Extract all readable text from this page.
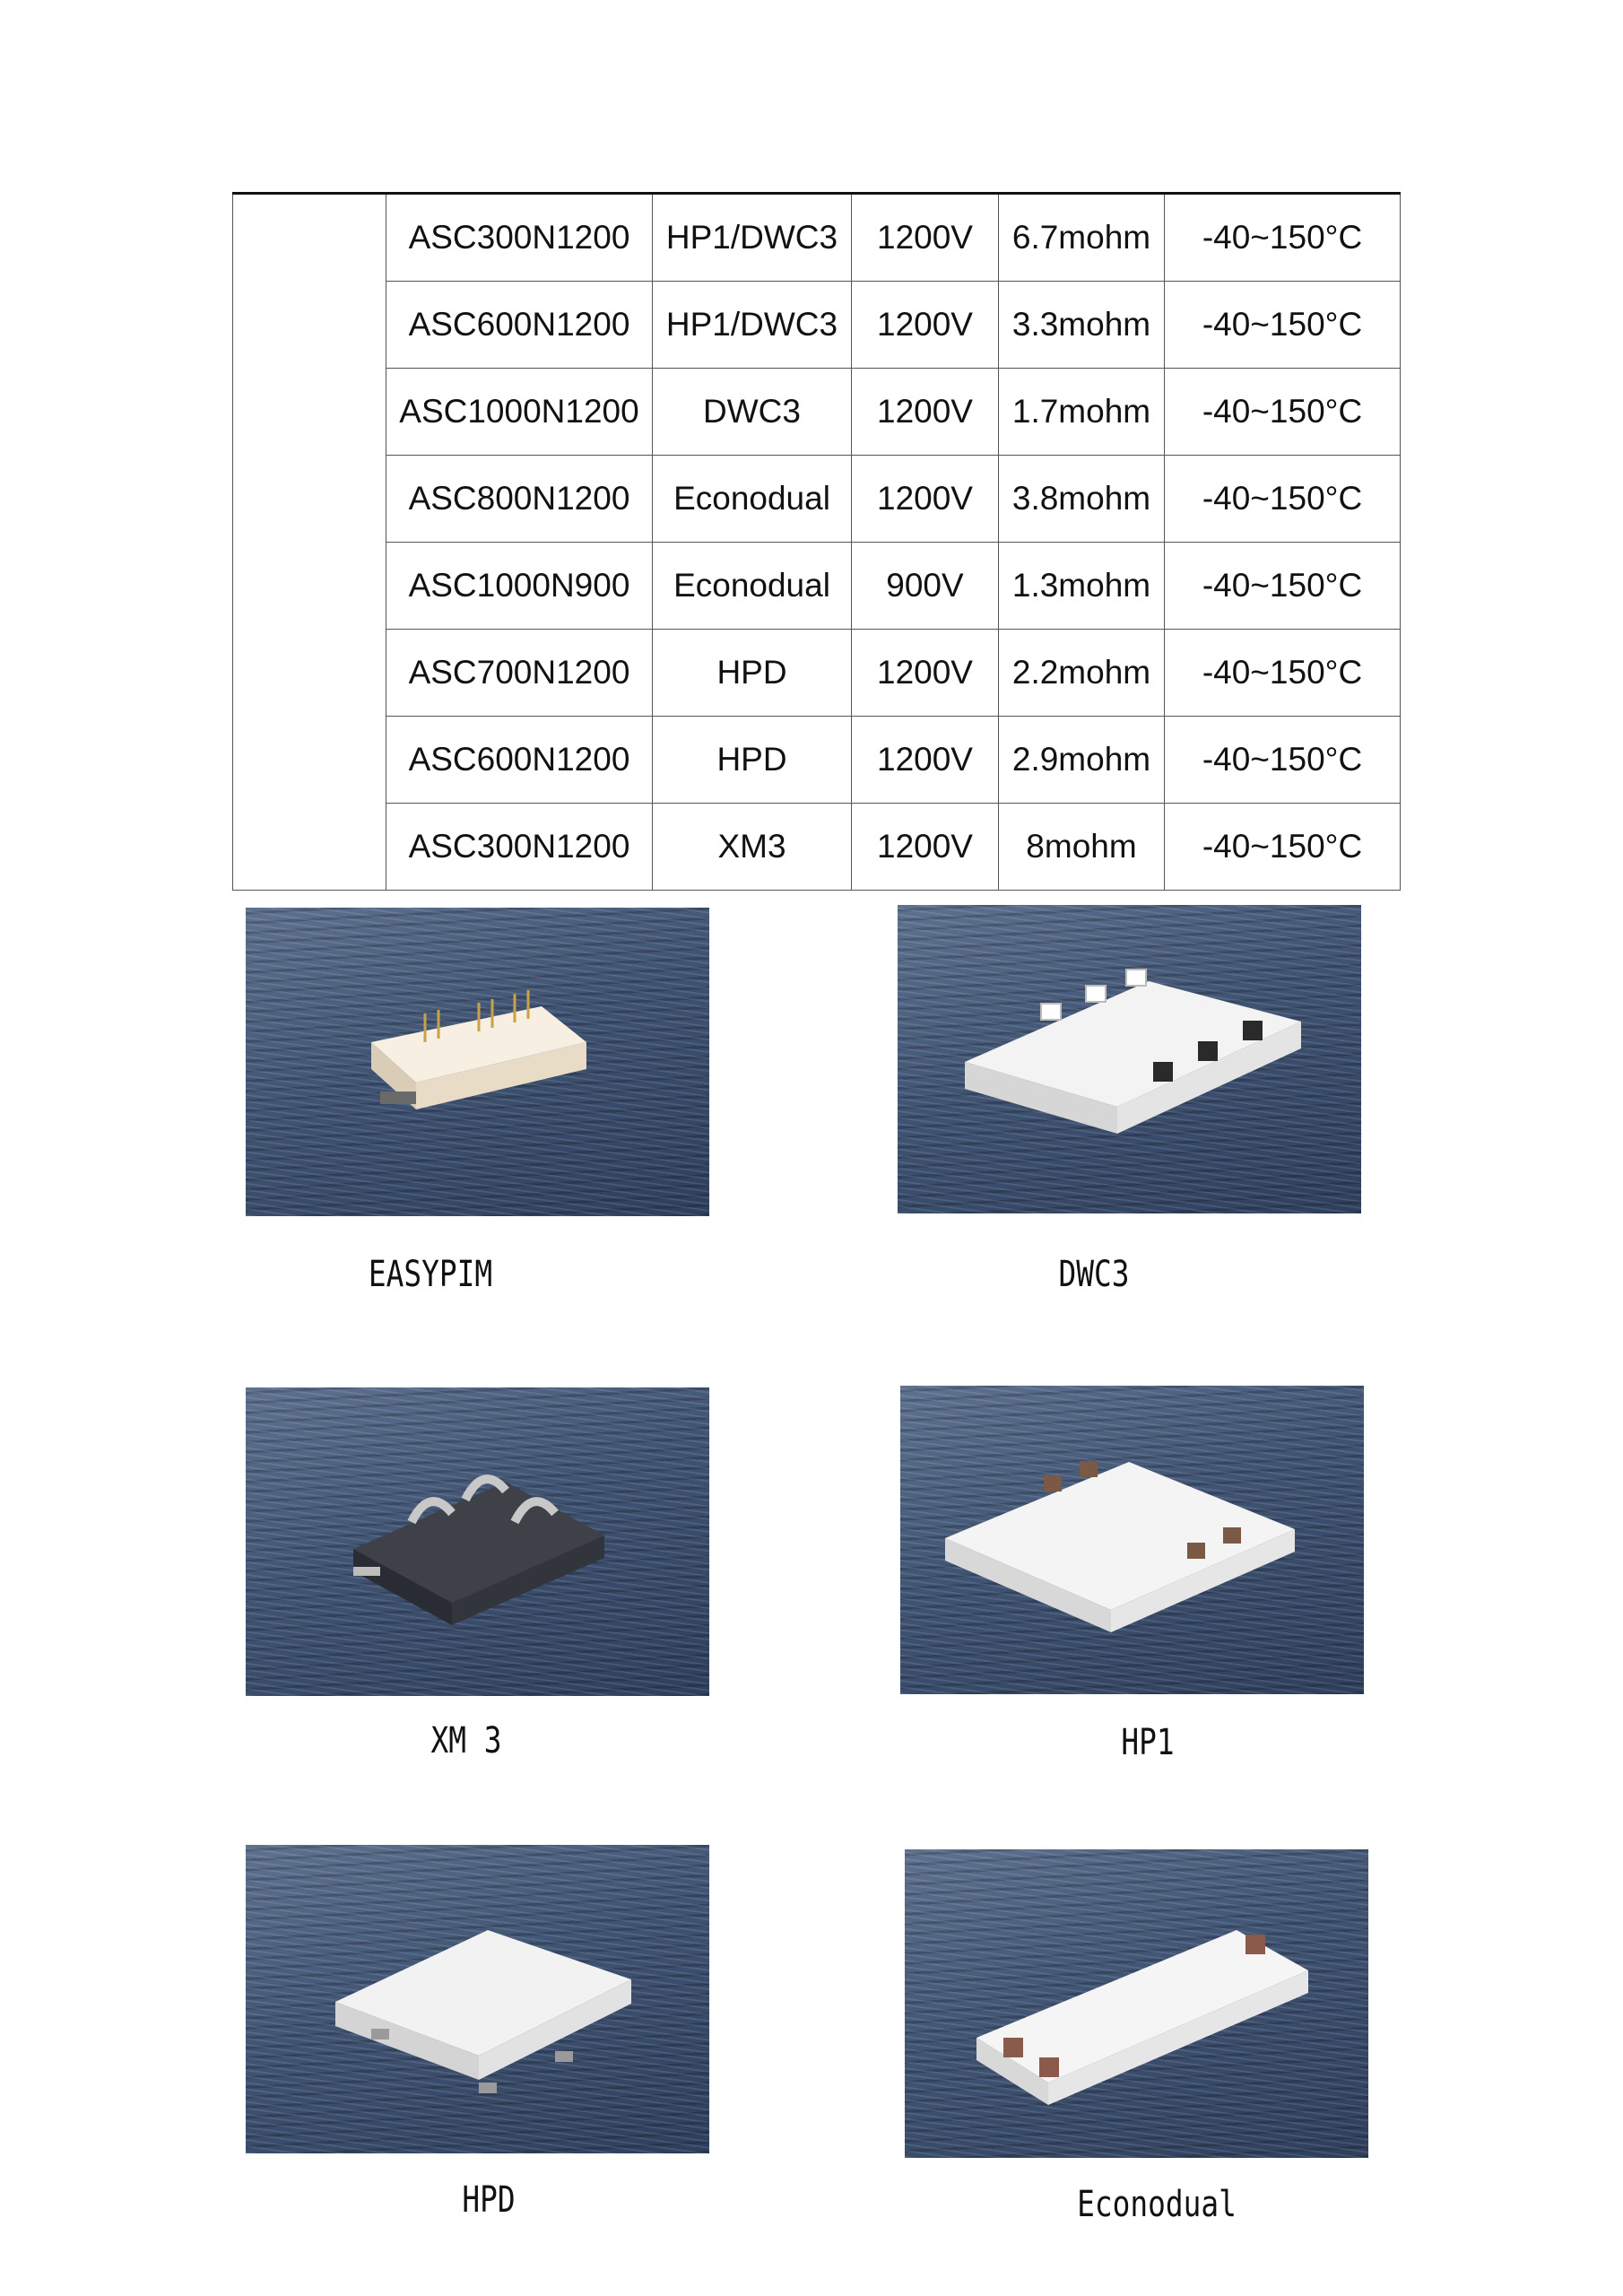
	ASC300N1200	HP1/DWC3	1200V	6.7mohm	-40~150°C
	ASC600N1200	HP1/DWC3	1200V	3.3mohm	-40~150°C
	ASC1000N1200	DWC3	1200V	1.7mohm	-40~150°C
	ASC800N1200	Econodual	1200V	3.8mohm	-40~150°C
	ASC1000N900	Econodual	900V	1.3mohm	-40~150°C
	ASC700N1200	HPD	1200V	2.2mohm	-40~150°C
	ASC600N1200	HPD	1200V	2.9mohm	-40~150°C
	ASC300N1200	XM3	1200V	8mohm	-40~150°C
EASYPIM	DWC3
XM 3	HP1
HPD	Econodual
